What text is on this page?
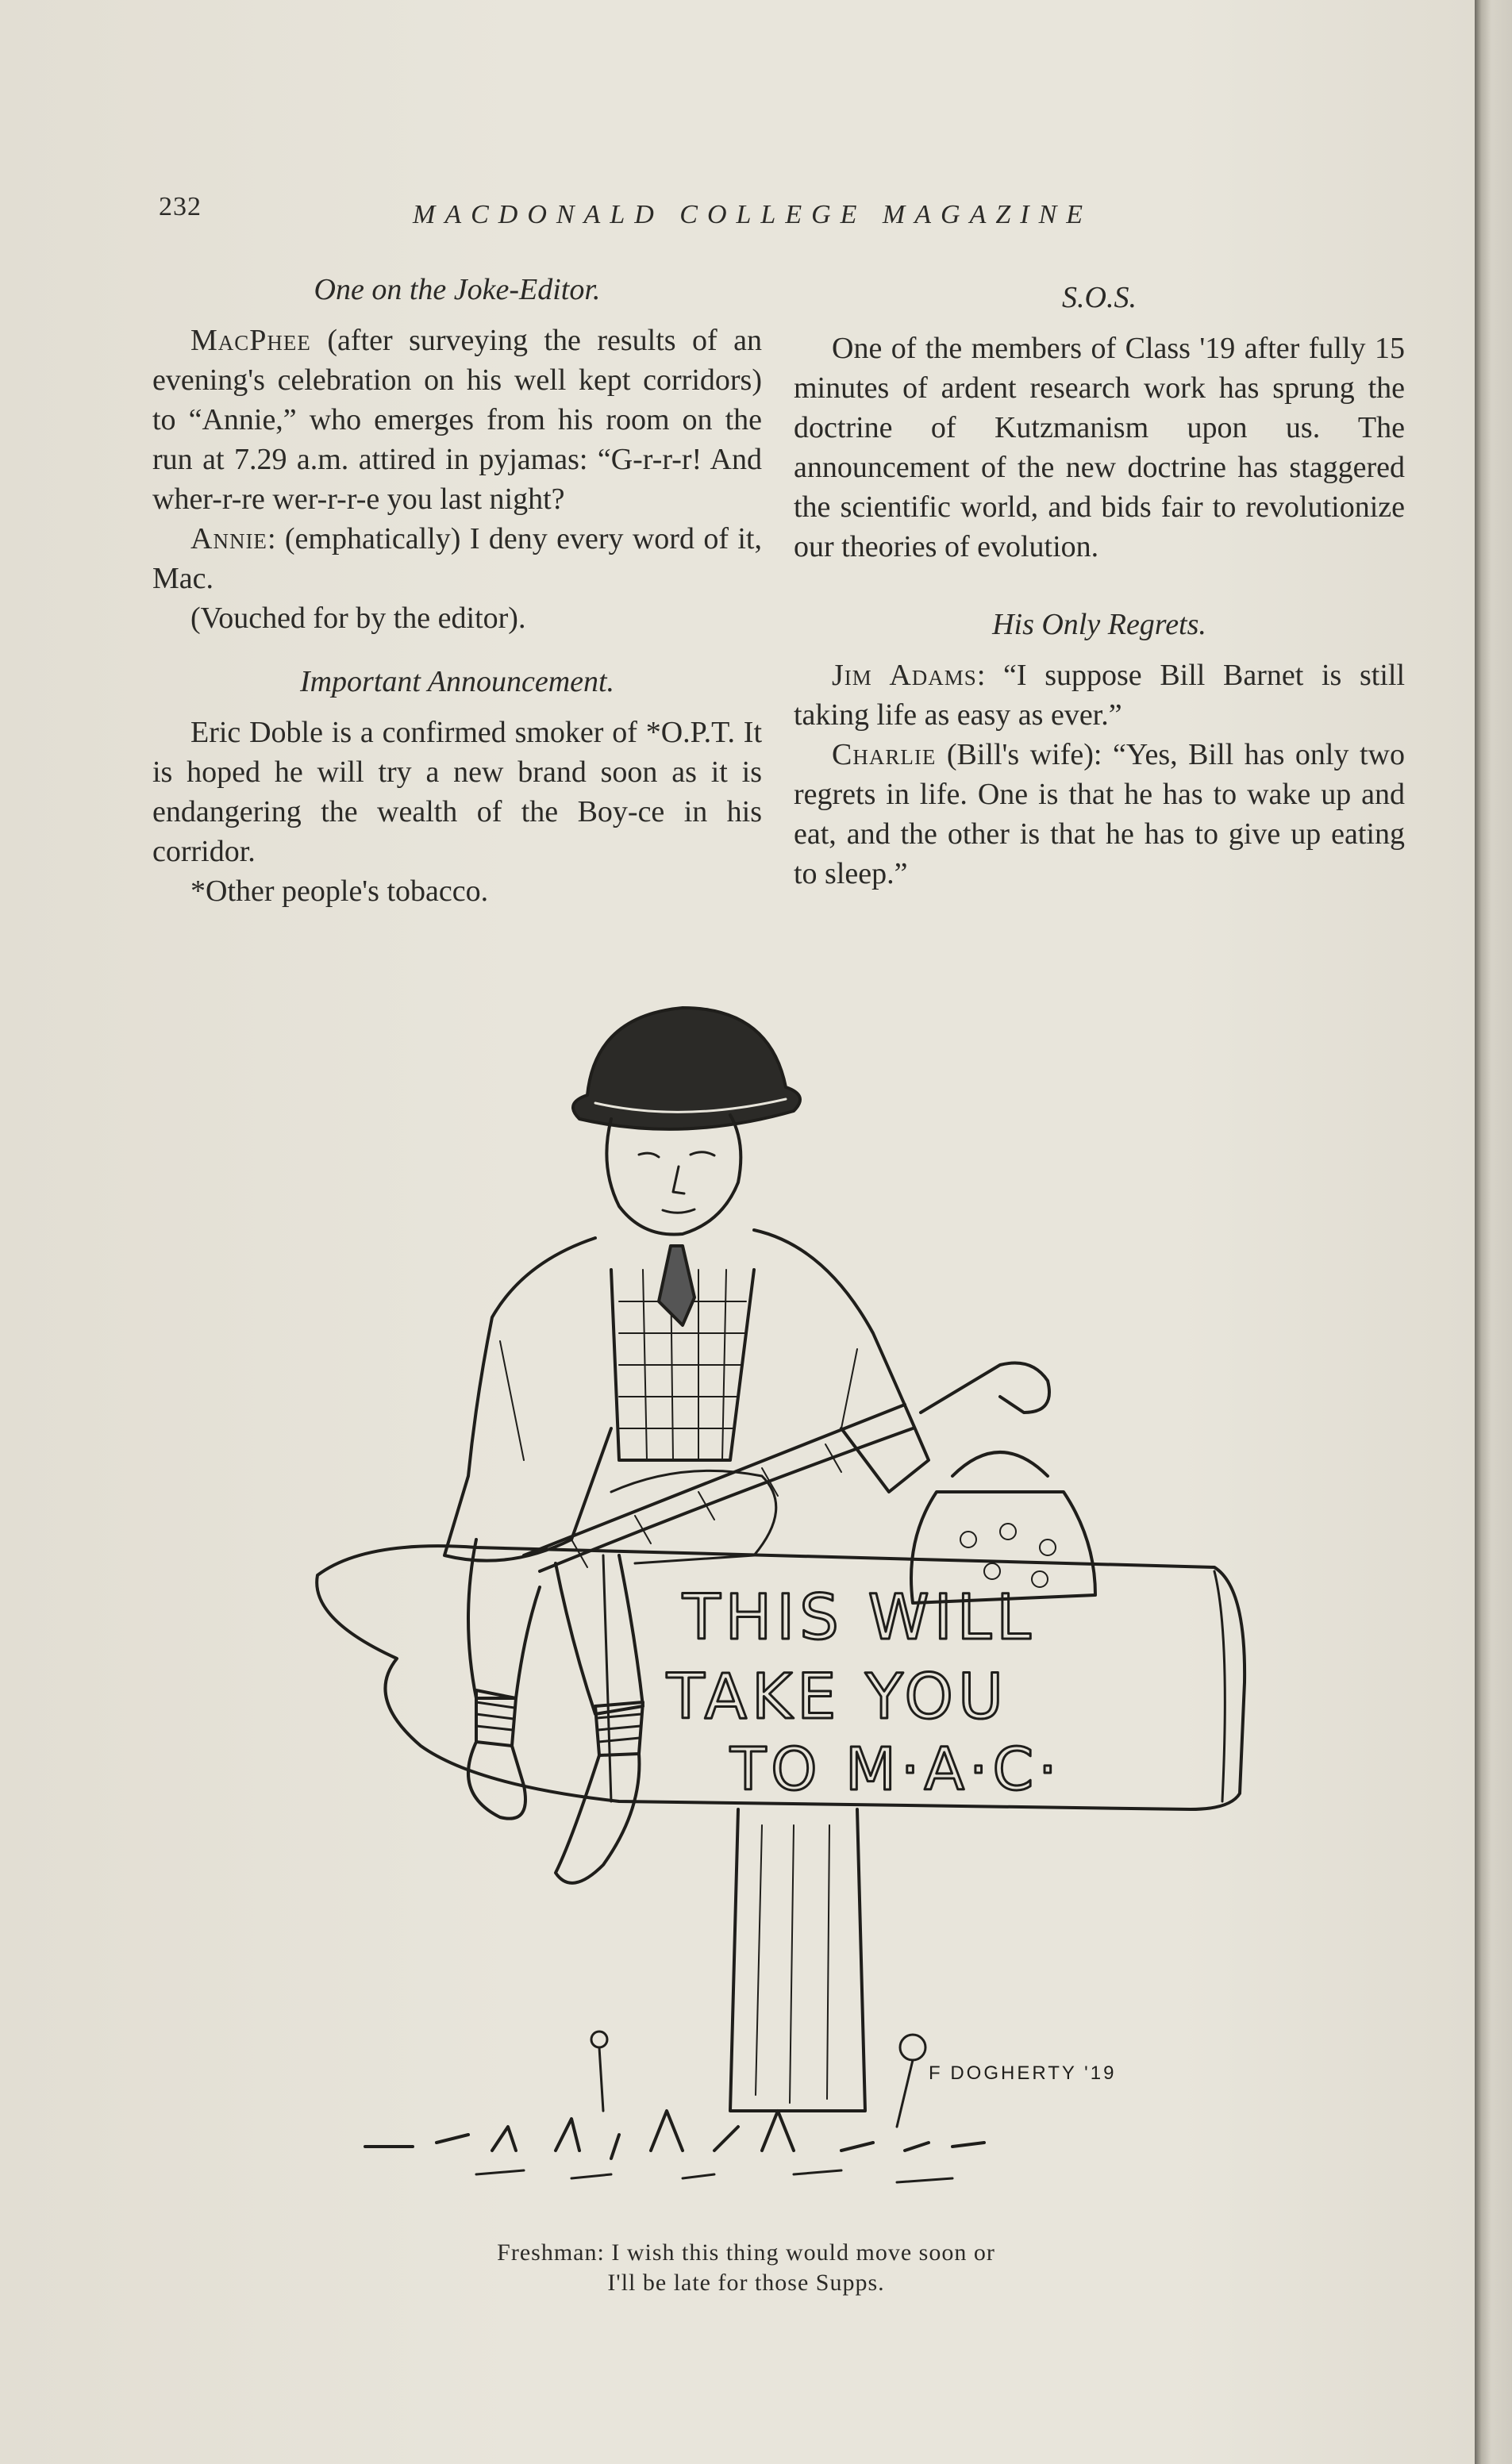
232	MACDONALD COLLEGE MAGAZINE
One on the Joke-Editor.

MacPhee (after surveying the results of an evening's celebration on his well kept corridors) to “Annie,” who emerges from his room on the run at 7.29 a.m. attired in pyjamas: “G-r-r-r! And wher-r-re wer-r-r-e you last night?

Annie: (emphatically) I deny every word of it, Mac.

(Vouched for by the editor).

Important Announcement.

Eric Doble is a confirmed smoker of *O.P.T. It is hoped he will try a new brand soon as it is endangering the wealth of the Boy-ce in his corridor.

*Other people's tobacco.

S.O.S.

One of the members of Class '19 after fully 15 minutes of ardent research work has sprung the doctrine of Kutzmanism upon us. The announcement of the new doctrine has staggered the scientific world, and bids fair to revolutionize our theories of evolution.

His Only Regrets.

Jim Adams: “I suppose Bill Barnet is still taking life as easy as ever.”

Charlie (Bill's wife): “Yes, Bill has only two regrets in life. One is that he has to wake up and eat, and the other is that he has to give up eating to sleep.”

THIS WILL
TAKE YOU
TO M·A·C·
F DOGHERTY '19
Freshman: I wish this thing would move soon or
I'll be late for those Supps.
